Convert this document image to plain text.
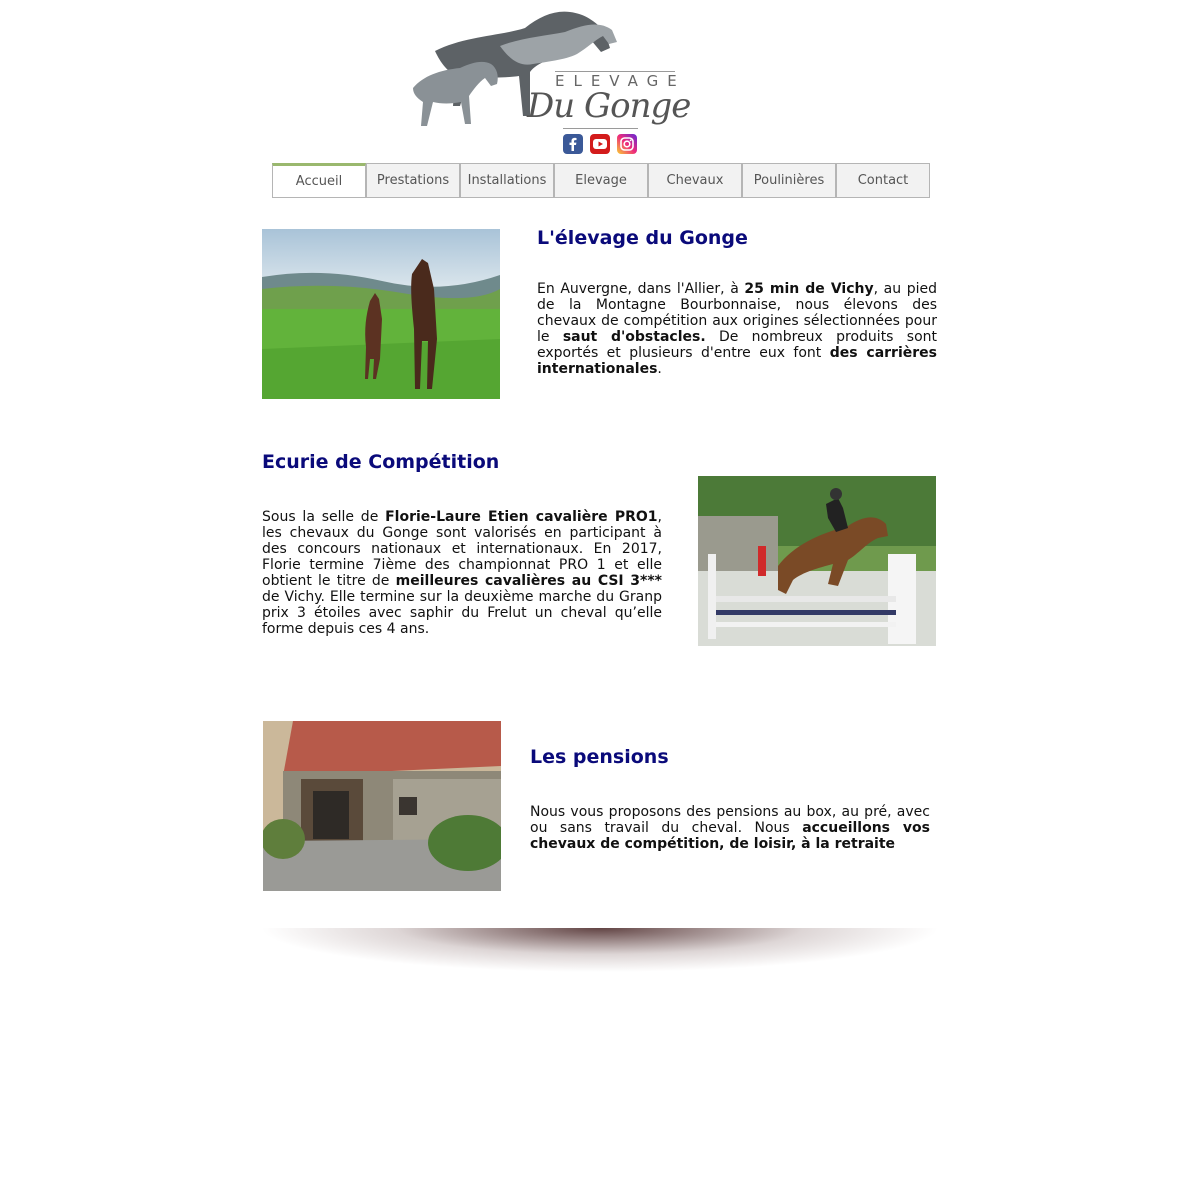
ELEVAGE
Du Gonge
Accueil	Prestations	Installations	Elevage	Chevaux	Poulinières	Contact
L'élevage du Gonge

En Auvergne, dans l'Allier, à 25 min de Vichy, au pied de la Montagne Bourbonnaise, nous élevons des chevaux de compétition aux origines sélectionnées pour le saut d'obstacles. De nombreux produits sont exportés et plusieurs d'entre eux font des carrières internationales.

Ecurie de Compétition

Sous la selle de Florie-Laure Etien cavalière PRO1, les chevaux du Gonge sont valorisés en participant à des concours nationaux et internationaux. En 2017, Florie termine 7ième des championnat PRO 1 et elle obtient le titre de meilleures cavalières au CSI 3*** de Vichy. Elle termine sur la deuxième marche du Granp prix 3 étoiles avec saphir du Frelut un cheval qu’elle forme depuis ces 4 ans.

Les pensions

Nous vous proposons des pensions au box, au pré, avec ou sans travail du cheval. Nous accueillons vos chevaux de compétition, de loisir, à la retraite
